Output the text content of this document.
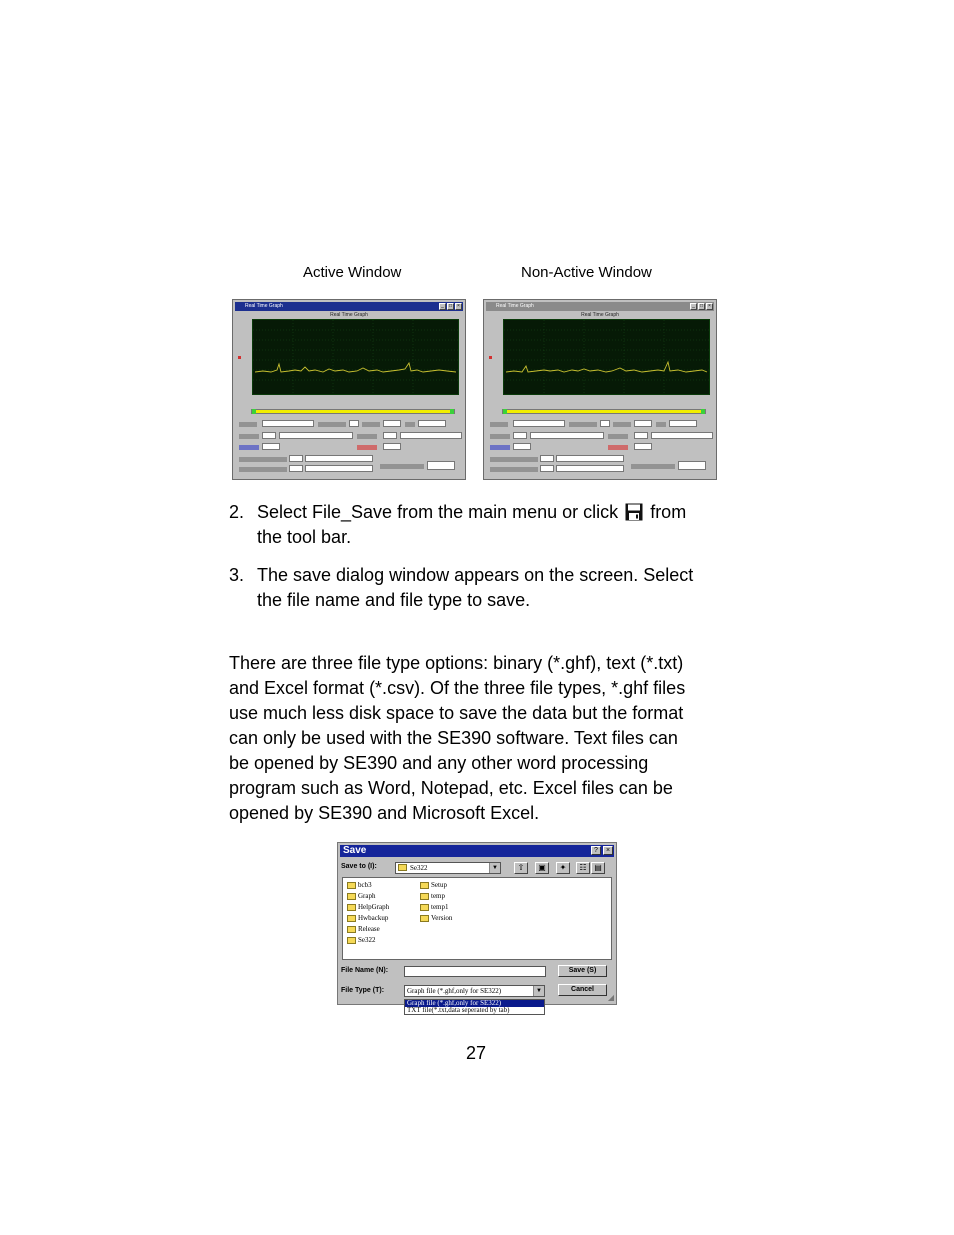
Active Window	Non-Active Window
Real Time Graph	_	□	×
Real Time Graph
Real Time Graph	_	□	×
Real Time Graph
2. Select File_Save from the main menu or click from
the tool bar.
3. The save dialog window appears on the screen. Select
the file name and file type to save.
There are three file type options: binary (*.ghf), text (*.txt)
and Excel format (*.csv). Of the three file types, *.ghf files
use much less disk space to save the data but the format
can only be used with the SE390 software. Text files can
be opened by SE390 and any other word processing
program such as Word, Notepad, etc. Excel files can be
opened by SE390 and Microsoft Excel.
Save	?	×
Save to (I):	Se322	▼	⇧	▣	✦	☷ ▤
bcb3
Graph
HelpGraph
Hwbackup
Release
Se322
Setup
temp
temp1
Version
File Name (N):	Save (S)
File Type (T):	Graph file (*.ghf,only for SE322)	▼	Cancel
Graph file (*.ghf,only for SE322)
TXT file(*.txt,data seperated by tab)
◢
27
